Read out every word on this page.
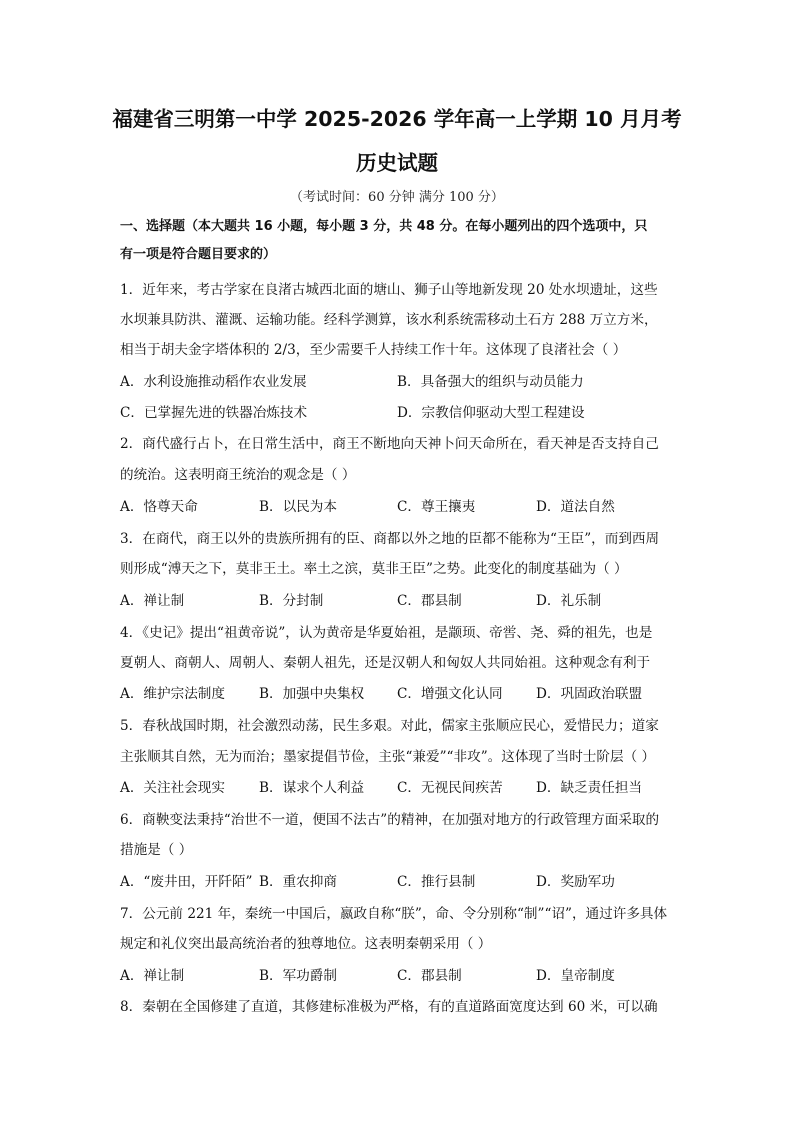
福建省三明第一中学 2025-2026 学年高一上学期 10 月月考
历史试题
（考试时间：60 分钟 满分 100 分）
一、选择题（本大题共 16 小题，每小题 3 分，共 48 分。在每小题列出的四个选项中，只
有一项是符合题目要求的）
1．近年来，考古学家在良渚古城西北面的塘山、狮子山等地新发现 20 处水坝遗址，这些
水坝兼具防洪、灌溉、运输功能。经科学测算，该水利系统需移动土石方 288 万立方米，
相当于胡夫金字塔体积的 2/3，至少需要千人持续工作十年。这体现了良渚社会（ ）
A．水利设施推动稻作农业发展	B．具备强大的组织与动员能力
C．已掌握先进的铁器冶炼技术	D．宗教信仰驱动大型工程建设
2．商代盛行占卜，在日常生活中，商王不断地向天神卜问天命所在，看天神是否支持自己
的统治。这表明商王统治的观念是（ ）
A．恪尊天命	B．以民为本	C．尊王攘夷	D．道法自然
3．在商代，商王以外的贵族所拥有的臣、商都以外之地的臣都不能称为“王臣”，而到西周
则形成“溥天之下，莫非王土。率土之滨，莫非王臣”之势。此变化的制度基础为（ ）
A．禅让制	B．分封制	C．郡县制	D．礼乐制
4．《史记》提出“祖黄帝说”，认为黄帝是华夏始祖，是颛顼、帝喾、尧、舜的祖先，也是
夏朝人、商朝人、周朝人、秦朝人祖先，还是汉朝人和匈奴人共同始祖。这种观念有利于
A．维护宗法制度	B．加强中央集权 C．增强文化认同 D．巩固政治联盟
5．春秋战国时期，社会激烈动荡，民生多艰。对此，儒家主张顺应民心，爱惜民力；道家
主张顺其自然，无为而治；墨家提倡节俭，主张“兼爱”“非攻”。这体现了当时士阶层（ ）
A．关注社会现实	B．谋求个人利益 C．无视民间疾苦 D．缺乏责任担当
6．商鞅变法秉持“治世不一道，便国不法古”的精神，在加强对地方的行政管理方面采取的
措施是（ ）
A．“废井田，开阡陌” B．重农抑商	C．推行县制	D．奖励军功
7．公元前 221 年，秦统一中国后，嬴政自称“朕”，命、令分别称“制”“诏”，通过许多具体
规定和礼仪突出最高统治者的独尊地位。这表明秦朝采用（ ）
A．禅让制	B．军功爵制	C．郡县制	D．皇帝制度
8．秦朝在全国修建了直道，其修建标准极为严格，有的直道路面宽度达到 60 米，可以确
